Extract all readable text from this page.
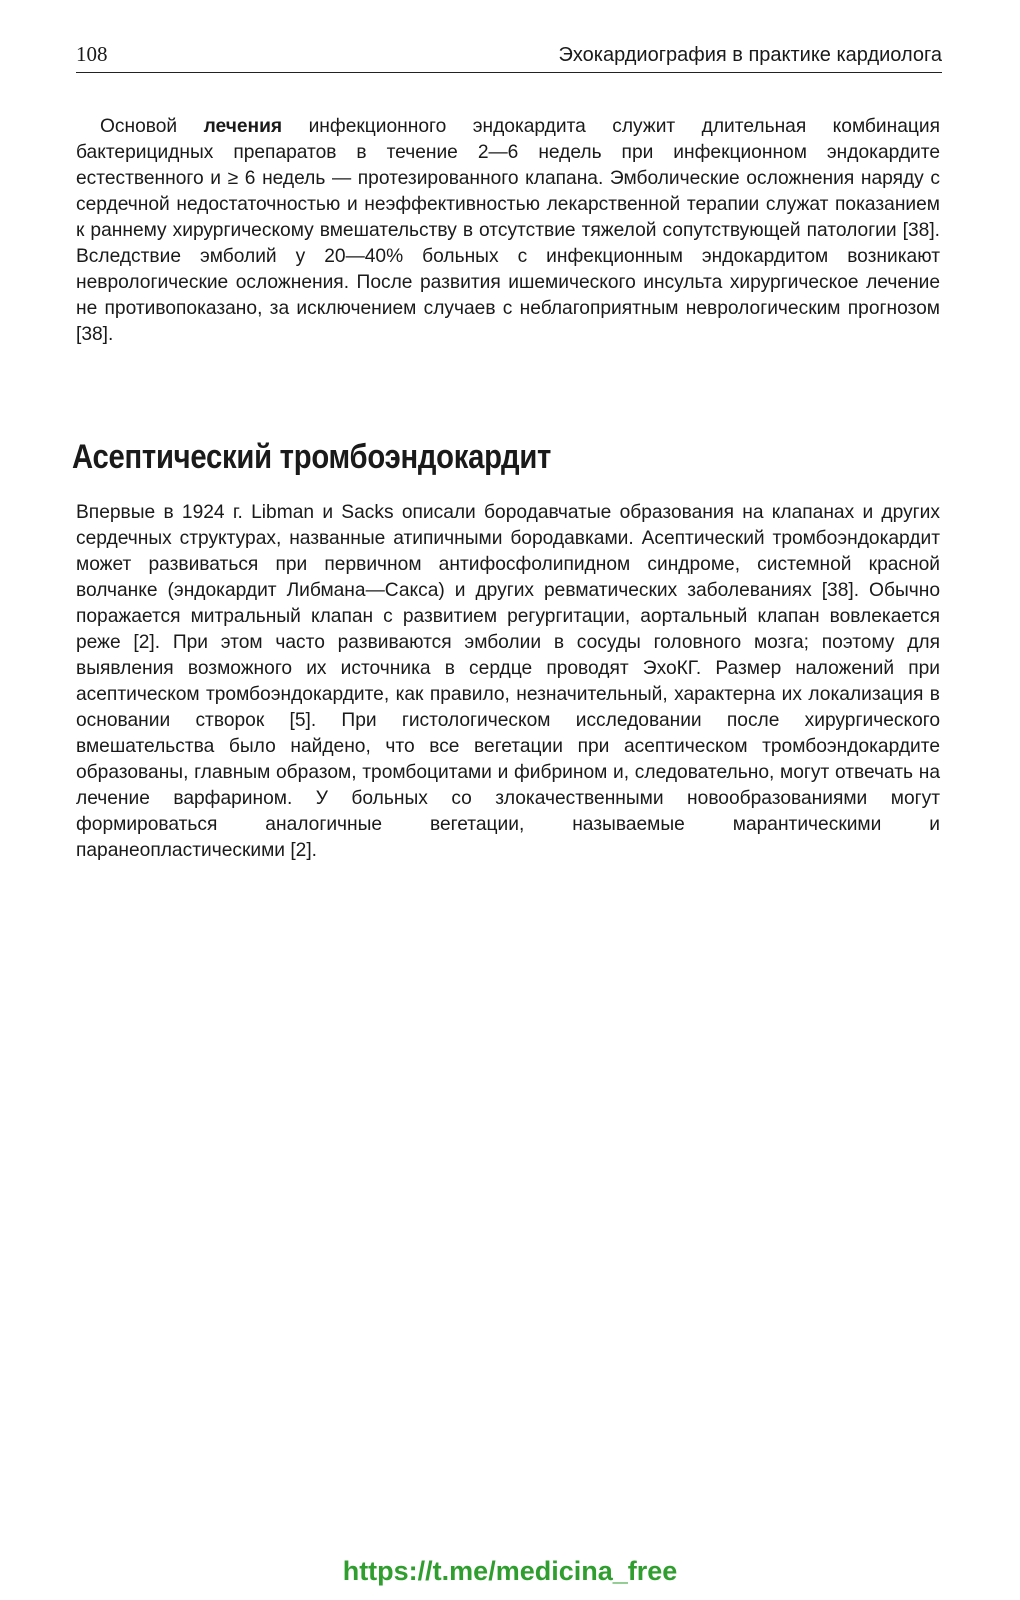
108	Эхокардиография в практике кардиолога

Основой лечения инфекционного эндокардита служит длительная комбинация бактерицидных препаратов в течение 2—6 недель при инфекционном эндокардите естественного и ≥ 6 недель — протезированного клапана. Эмболические осложнения наряду с сердечной недостаточностью и неэффективностью лекарственной терапии служат показанием к раннему хирургическому вмешательству в отсутствие тяжелой сопутствующей патологии [38]. Вследствие эмболий у 20—40% больных с инфекционным эндокардитом возникают неврологические осложнения. После развития ишемического инсульта хирургическое лечение не противопоказано, за исключением случаев с неблагоприятным неврологическим прогнозом [38].

Асептический тромбоэндокардит

Впервые в 1924 г. Libman и Sacks описали бородавчатые образования на клапанах и других сердечных структурах, названные атипичными бородавками. Асептический тромбоэндокардит может развиваться при первичном антифосфолипидном синдроме, системной красной волчанке (эндокардит Либмана—Сакса) и других ревматических заболеваниях [38]. Обычно поражается митральный клапан с развитием регургитации, аортальный клапан вовлекается реже [2]. При этом часто развиваются эмболии в сосуды головного мозга; поэтому для выявления возможного их источника в сердце проводят ЭхоКГ. Размер наложений при асептическом тромбоэндокардите, как правило, незначительный, характерна их локализация в основании створок [5]. При гистологическом исследовании после хирургического вмешательства было найдено, что все вегетации при асептическом тромбоэндокардите образованы, главным образом, тромбоцитами и фибрином и, следовательно, могут отвечать на лечение варфарином. У больных со злокачественными новообразованиями могут формироваться аналогичные вегетации, называемые марантическими и паранеопластическими [2].

https://t.me/medicina_free
